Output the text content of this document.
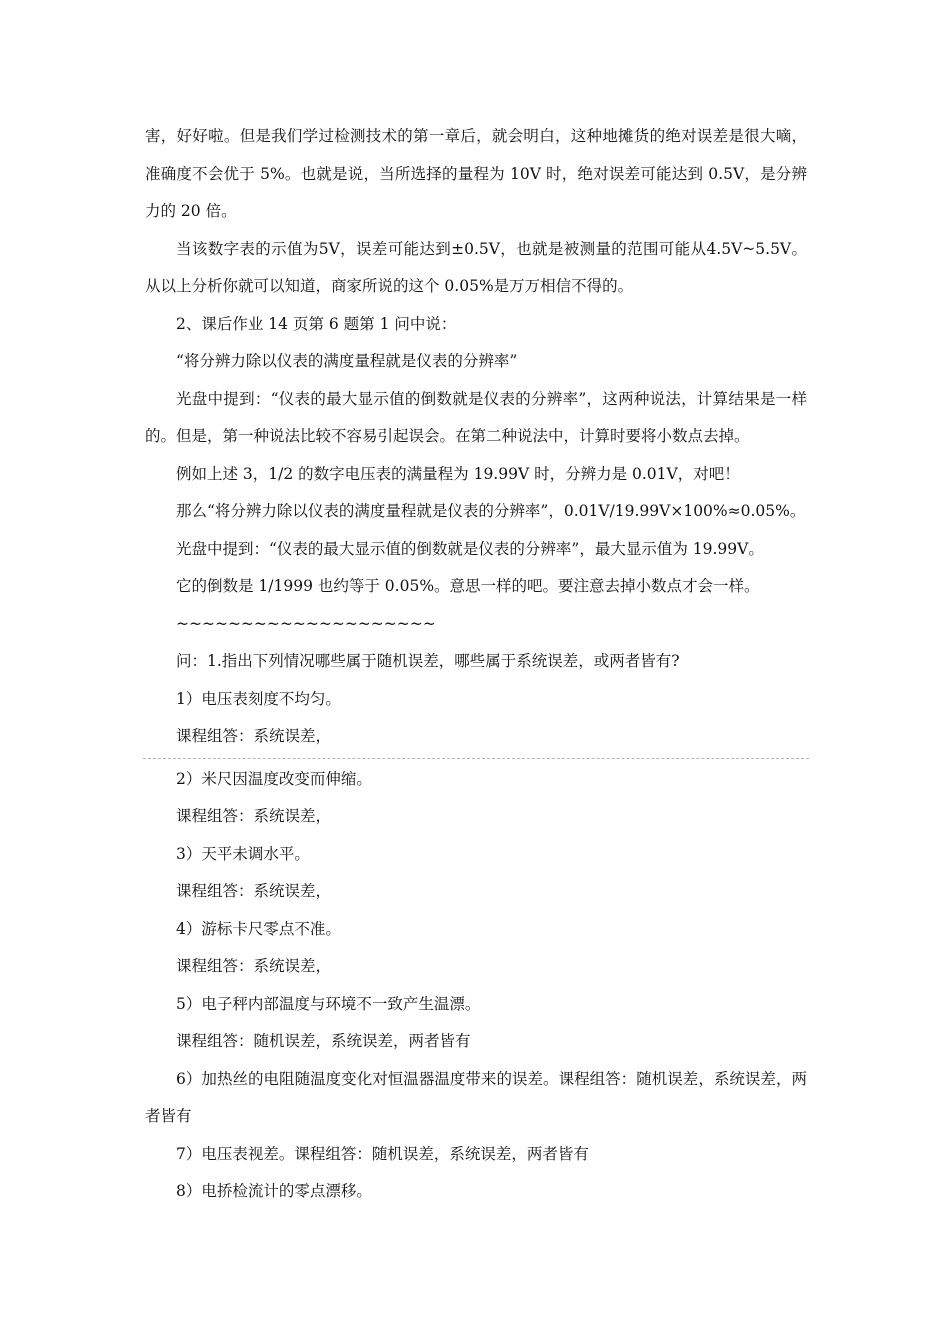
害，好好啦。但是我们学过检测技术的第一章后，就会明白，这种地摊货的绝对误差是很大嘀，准确度不会优于 5%。也就是说，当所选择的量程为 10V 时，绝对误差可能达到 0.5V，是分辨力的 20 倍。

当该数字表的示值为5V，误差可能达到±0.5V，也就是被测量的范围可能从4.5V~5.5V。从以上分析你就可以知道，商家所说的这个 0.05%是万万相信不得的。

2、课后作业 14 页第 6 题第 1 问中说：

“将分辨力除以仪表的满度量程就是仪表的分辨率”

光盘中提到：“仪表的最大显示值的倒数就是仪表的分辨率”，这两种说法，计算结果是一样的。但是，第一种说法比较不容易引起误会。在第二种说法中，计算时要将小数点去掉。

例如上述 3，1/2 的数字电压表的满量程为 19.99V 时，分辨力是 0.01V，对吧！

那么“将分辨力除以仪表的满度量程就是仪表的分辨率”，0.01V/19.99V×100%≈0.05%。

光盘中提到：“仪表的最大显示值的倒数就是仪表的分辨率”，最大显示值为 19.99V。

它的倒数是 1/1999 也约等于 0.05%。意思一样的吧。要注意去掉小数点才会一样。

~~~~~~~~~~~~~~~~~~~~

问：1.指出下列情况哪些属于随机误差，哪些属于系统误差，或两者皆有?

1）电压表刻度不均匀。

课程组答：系统误差，

2）米尺因温度改变而伸缩。

课程组答：系统误差，

3）天平未调水平。

课程组答：系统误差，

4）游标卡尺零点不准。

课程组答：系统误差，

5）电子秤内部温度与环境不一致产生温漂。

课程组答：随机误差，系统误差，两者皆有

6）加热丝的电阻随温度变化对恒温器温度带来的误差。课程组答：随机误差，系统误差，两者皆有

7）电压表视差。课程组答：随机误差，系统误差，两者皆有

8）电挢检流计的零点漂移。
